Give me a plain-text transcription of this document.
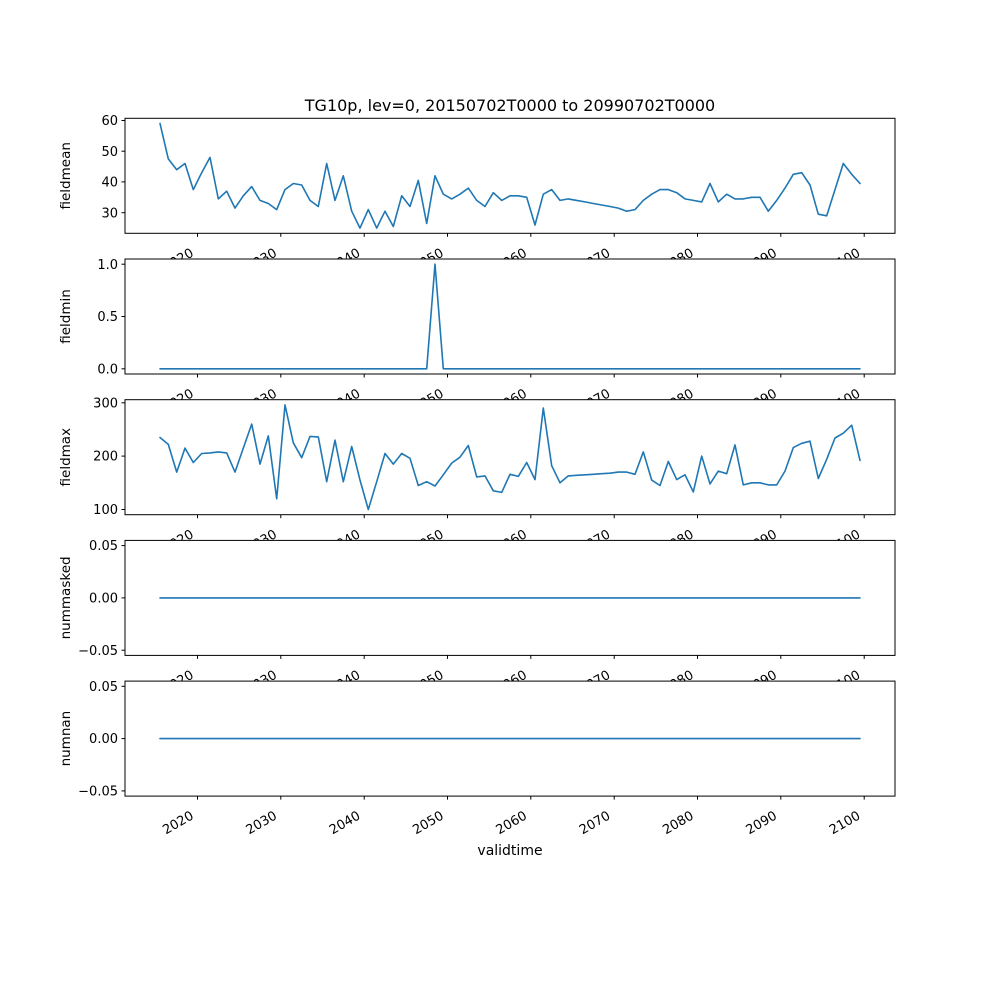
30
40
50
60
fieldmean
0.0
0.5
1.0
fieldmin
100
200
300
fieldmax
−0.05
0.00
0.05
nummasked
−0.05
0.00
0.05
2020	2030	2040	2050	2060	2070	2080	2090	2100
numnan
TG10p, lev=0, 20150702T0000 to 20990702T0000
validtime
